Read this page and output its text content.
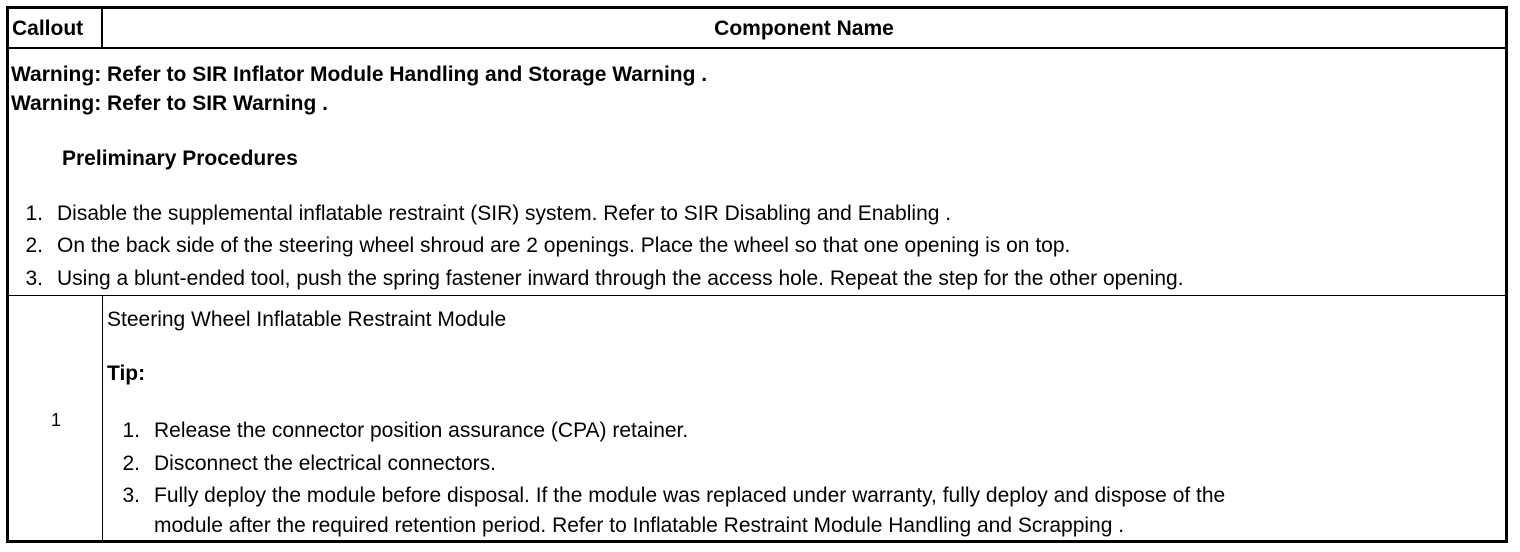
Callout	Component Name
Warning: Refer to SIR Inflator Module Handling and Storage Warning .
Warning: Refer to SIR Warning .
Preliminary Procedures
1. Disable the supplemental inflatable restraint (SIR) system. Refer to SIR Disabling and Enabling .
2. On the back side of the steering wheel shroud are 2 openings. Place the wheel so that one opening is on top.
3. Using a blunt-ended tool, push the spring fastener inward through the access hole. Repeat the step for the other opening.
1
Steering Wheel Inflatable Restraint Module
Tip:
1. Release the connector position assurance (CPA) retainer.
2. Disconnect the electrical connectors.
3. Fully deploy the module before disposal. If the module was replaced under warranty, fully deploy and dispose of the
module after the required retention period. Refer to Inflatable Restraint Module Handling and Scrapping .
